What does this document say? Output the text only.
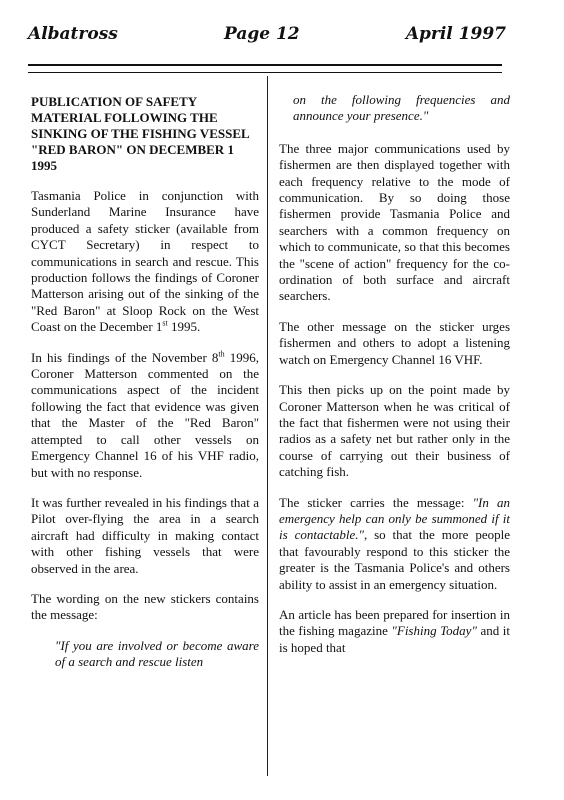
Albatross	Page 12	April 1997
PUBLICATION OF SAFETY MATERIAL FOLLOWING THE SINKING OF THE FISHING VESSEL "RED BARON" ON DECEMBER 1 1995

Tasmania Police in conjunction with Sunderland Marine Insurance have produced a safety sticker (available from CYCT Secretary) in respect to communications in search and rescue. This production follows the findings of Coroner Matterson arising out of the sinking of the "Red Baron" at Sloop Rock on the West Coast on the December 1st 1995.

In his findings of the November 8th 1996, Coroner Matterson commented on the communications aspect of the incident following the fact that evidence was given that the Master of the "Red Baron" attempted to call other vessels on Emergency Channel 16 of his VHF radio, but with no response.

It was further revealed in his findings that a Pilot over-flying the area in a search aircraft had difficulty in making contact with other fishing vessels that were observed in the area.

The wording on the new stickers contains the message:

"If you are involved or become aware of a search and rescue listen

on the following frequencies and announce your presence."

The three major communications used by fishermen are then displayed together with each frequency relative to the mode of communication. By so doing those fishermen provide Tasmania Police and searchers with a common frequency on which to communicate, so that this becomes the "scene of action" frequency for the co-ordination of both surface and aircraft searchers.

The other message on the sticker urges fishermen and others to adopt a listening watch on Emergency Channel 16 VHF.

This then picks up on the point made by Coroner Matterson when he was critical of the fact that fishermen were not using their radios as a safety net but rather only in the course of carrying out their business of catching fish.

The sticker carries the message: "In an emergency help can only be summoned if it is contactable.", so that the more people that favourably respond to this sticker the greater is the Tasmania Police's and others ability to assist in an emergency situation.

An article has been prepared for insertion in the fishing magazine "Fishing Today" and it is hoped that
